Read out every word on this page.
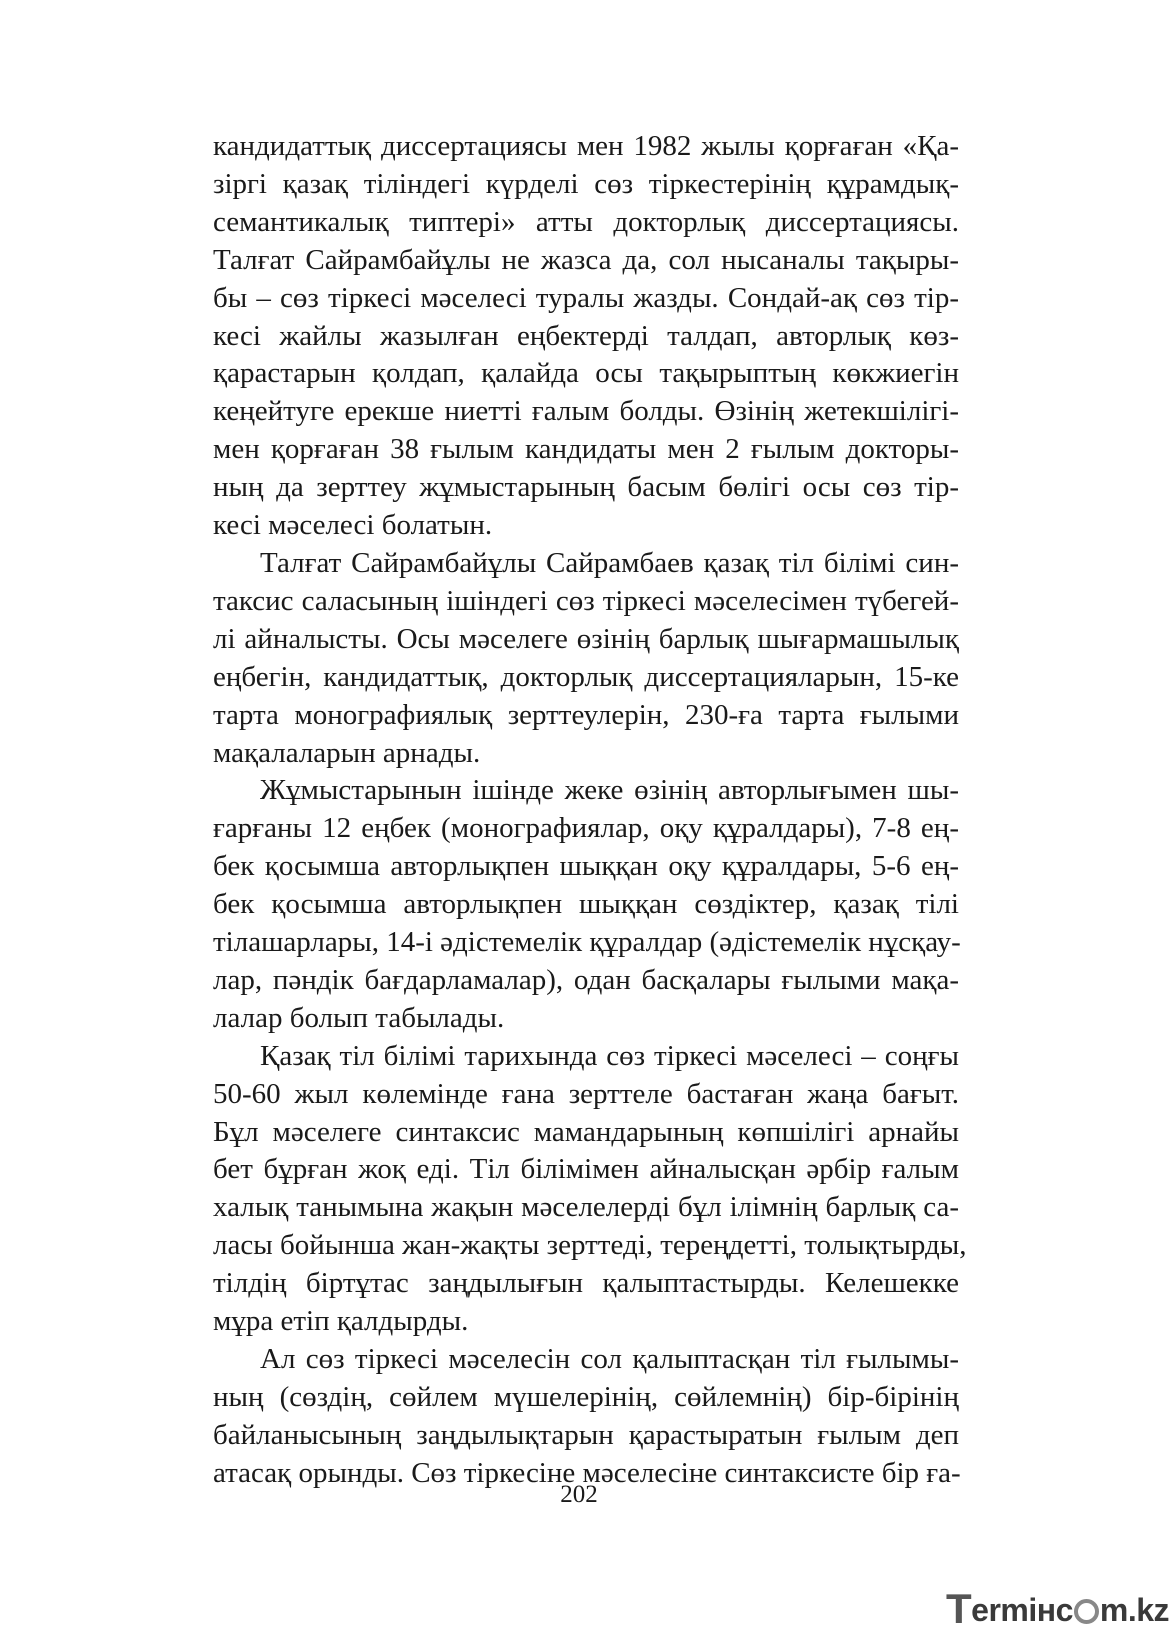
кандидаттық диссертациясы мен 1982 жылы қорғаған «Қа-
зіргі қазақ тіліндегі күрделі сөз тіркестерінің құрамдық-
семантикалық типтері» атты докторлық диссертациясы.
Талғат Сайрамбайұлы не жазса да, сол нысаналы тақыры-
бы – сөз тіркесі мәселесі туралы жазды. Сондай-ақ сөз тір-
кесі жайлы жазылған еңбектерді талдап, авторлық көз-
қарастарын қолдап, қалайда осы тақырыптың көкжиегін
кеңейтуге ерекше ниетті ғалым болды. Өзінің жетекшілігі-
мен қорғаған 38 ғылым кандидаты мен 2 ғылым докторы-
ның да зерттеу жұмыстарының басым бөлігі осы сөз тір-
кесі мәселесі болатын.
Талғат Сайрамбайұлы Сайрамбаев қазақ тіл білімі син-
таксис саласының ішіндегі сөз тіркесі мәселесімен түбегей-
лі айналысты. Осы мәселеге өзінің барлық шығармашылық
еңбегін, кандидаттық, докторлық диссертацияларын, 15-ке
тарта монографиялық зерттеулерін, 230-ға тарта ғылыми
мақалаларын арнады.
Жұмыстарынын ішінде жеке өзінің авторлығымен шы-
ғарғаны 12 еңбек (монографиялар, оқу құралдары), 7-8 ең-
бек қосымша авторлықпен шыққан оқу құралдары, 5-6 ең-
бек қосымша авторлықпен шыққан сөздіктер, қазақ тілі
тілашарлары, 14-і әдістемелік құралдар (әдістемелік нұсқау-
лар, пәндік бағдарламалар), одан басқалары ғылыми мақа-
лалар болып табылады.
Қазақ тіл білімі тарихында сөз тіркесі мәселесі – соңғы
50-60 жыл көлемінде ғана зерттеле бастаған жаңа бағыт.
Бұл мәселеге синтаксис мамандарының көпшілігі арнайы
бет бұрған жоқ еді. Тіл білімімен айналысқан әрбір ғалым
халық танымына жақын мәселелерді бұл ілімнің барлық са-
ласы бойынша жан-жақты зерттеді, тереңдетті, толықтырды,
тілдің біртұтас заңдылығын қалыптастырды. Келешекке
мұра етіп қалдырды.
Ал сөз тіркесі мәселесін сол қалыптасқан тіл ғылымы-
ның (сөздің, сөйлем мүшелерінің, сөйлемнің) бір-бірінің
байланысының заңдылықтарын қарастыратын ғылым деп
атасақ орынды. Сөз тіркесіне мәселесіне синтаксисте бір ға-
202
Termінc m.kz
